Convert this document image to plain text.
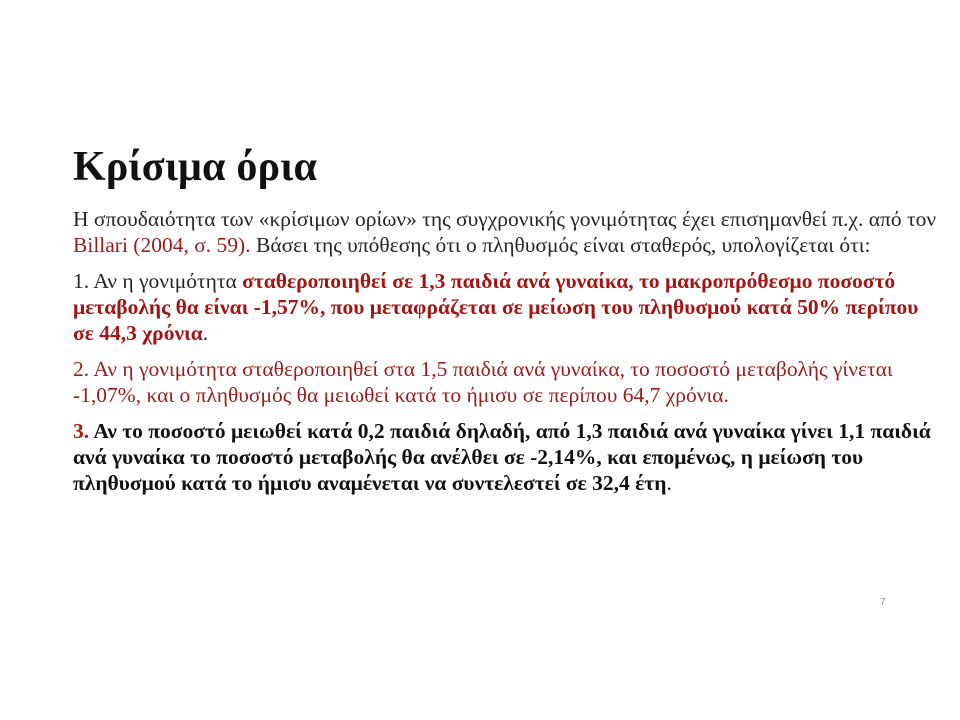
Κρίσιμα όρια

Η σπουδαιότητα των «κρίσιμων ορίων» της συγχρονικής γονιμότητας έχει επισημανθεί π.χ. από τον Billari (2004, σ. 59). Βάσει της υπόθεσης ότι ο πληθυσμός είναι σταθερός, υπολογίζεται ότι:

1. Αν η γονιμότητα σταθεροποιηθεί σε 1,3 παιδιά ανά γυναίκα, το μακροπρόθεσμο ποσοστό μεταβολής θα είναι -1,57%, που μεταφράζεται σε μείωση του πληθυσμού κατά 50% περίπου σε 44,3 χρόνια.

2. Αν η γονιμότητα σταθεροποιηθεί στα 1,5 παιδιά ανά γυναίκα, το ποσοστό μεταβολής γίνεται -1,07%, και ο πληθυσμός θα μειωθεί κατά το ήμισυ σε περίπου 64,7 χρόνια.

3. Αν το ποσοστό μειωθεί κατά 0,2 παιδιά δηλαδή, από 1,3 παιδιά ανά γυναίκα γίνει 1,1 παιδιά ανά γυναίκα το ποσοστό μεταβολής θα ανέλθει σε -2,14%, και επομένως, η μείωση του πληθυσμού κατά το ήμισυ αναμένεται να συντελεστεί σε 32,4 έτη.

7
